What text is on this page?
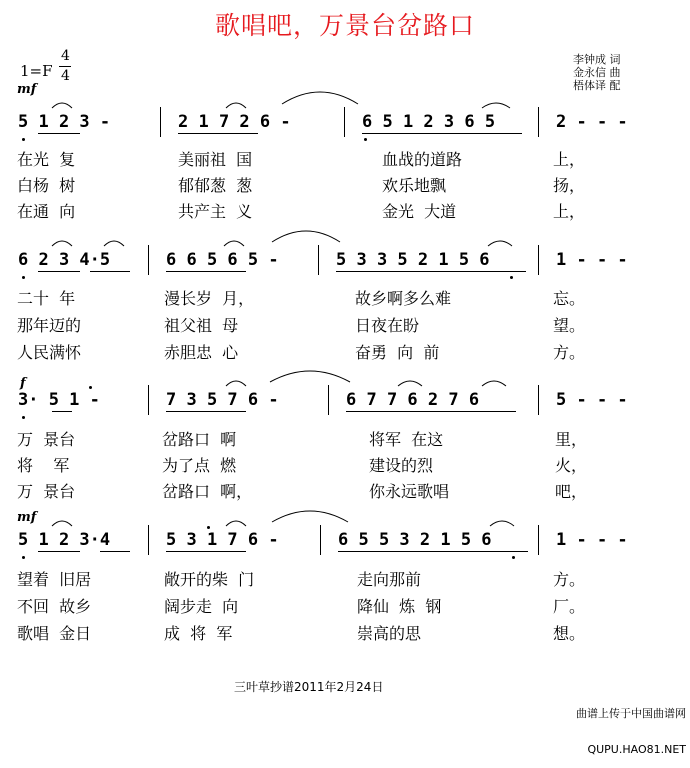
歌唱吧，万景台岔路口
1=F
4
4
李钟成 词
金永信 曲
梧体译 配
mf
f
mf
5 1 2 3 -	2 1 7 2 6 -	6 5 1 2 3 6 5	2 - - -
在光  复	美丽祖  国	血战的道路	上，
白杨  树	郁郁葱  葱	欢乐地飘	扬，
在通  向	共产主  义	金光  大道	上，
6 2 3 4·5	6 6 5 6 5 -	5 3 3 5 2 1 5 6	1 - - -
二十  年	漫长岁  月，	故乡啊多么难	忘。
那年迈的	祖父祖  母	日夜在盼	望。
人民满怀	赤胆忠  心	奋勇  向  前	方。
3· 5 1 -	7 3 5 7 6 -	6 7 7 6 2 7 6	5 - - -
万  景台	岔路口  啊	将军  在这	里，
将    军	为了点  燃	建设的烈	火，
万  景台	岔路口  啊，	你永远歌唱	吧，
5 1 2 3·4	5 3 1 7 6 -	6 5 5 3 2 1 5 6	1 - - -
望着  旧居	敞开的柴  门	走向那前	方。
不回  故乡	阔步走  向	降仙  炼  钢	厂。
歌唱  金日	成  将  军	崇高的思	想。
三叶草抄谱2011年2月24日

曲谱上传于中国曲谱网

QUPU.HAO81.NET
